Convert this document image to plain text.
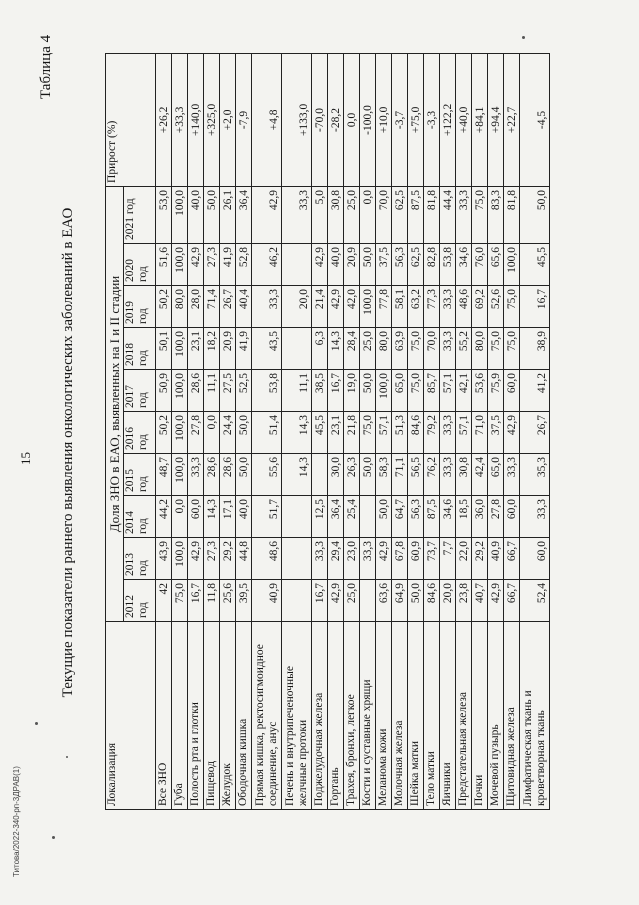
Титова/2022-340-рп-3ДРАВ(1)
15
Таблица 4
Текущие показатели раннего выявления онкологических заболеваний в ЕАО
Локализация	Доля ЗНО в ЕАО, выявленных на I и II стадии										Прирост (%)
	2012 год	2013 год	2014 год	2015 год	2016 год	2017 год	2018 год	2019 год	2020 год	2021 год	
Все ЗНО	42	43,9	44,2	48,7	50,2	50,9	50,1	50,2	51,6	53,0	+26,2
Губа	75,0	100,0	0,0	100,0	100,0	100,0	100,0	80,0	100,0	100,0	+33,3
Полость рта и глотки	16,7	42,9	60,0	33,3	27,8	28,6	23,1	28,0	42,9	40,0	+140,0
Пищевод	11,8	27,3	14,3	28,6	0,0	11,1	18,2	71,4	27,3	50,0	+325,0
Желудок	25,6	29,2	17,1	28,6	24,4	27,5	20,9	26,7	41,9	26,1	+2,0
Ободочная кишка	39,5	44,8	40,0	50,0	50,0	52,5	41,9	40,4	52,8	36,4	-7,9
Прямая кишка, ректосигмоидное соединение, анус	40,9	48,6	51,7	55,6	51,4	53,8	43,5	33,3	46,2	42,9	+4,8
Печень и внутрипеченочные желчные протоки				14,3	14,3	11,1		20,0		33,3	+133,0
Поджелудочная железа	16,7	33,3	12,5		45,5	38,5	6,3	21,4	42,9	5,0	-70,0
Гортань	42,9	29,4	36,4	30,0	23,1	16,7	14,3	42,9	40,0	30,8	-28,2
Трахея, бронхи, легкое	25,0	23,0	25,4	26,3	21,8	19,0	28,4	42,0	20,9	25,0	0,0
Кости и суставные хрящи		33,3		50,0	75,0	50,0	25,0	100,0	50,0	0,0	-100,0
Меланома кожи	63,6	42,9	50,0	58,3	57,1	100,0	80,0	77,8	37,5	70,0	+10,0
Молочная железа	64,9	67,8	64,7	71,1	51,3	65,0	63,9	58,1	56,3	62,5	-3,7
Шейка матки	50,0	60,9	56,3	56,5	84,6	75,0	75,0	63,2	62,5	87,5	+75,0
Тело матки	84,6	73,7	87,5	76,2	79,2	85,7	70,0	77,3	82,8	81,8	-3,3
Яичники	20,0	7,7	34,6	33,3	33,3	57,1	33,3	33,3	53,8	44,4	+122,2
Предстательная железа	23,8	22,0	18,5	30,8	57,1	42,1	55,2	48,6	34,6	33,3	+40,0
Почки	40,7	29,2	36,0	42,4	71,0	53,6	80,0	69,2	76,0	75,0	+84,1
Мочевой пузырь	42,9	40,9	27,8	65,0	37,5	75,9	75,0	52,6	65,6	83,3	+94,4
Щитовидная железа	66,7	66,7	60,0	33,3	42,9	60,0	75,0	75,0	100,0	81,8	+22,7
Лимфатическая ткань и кроветворная ткань	52,4	60,0	33,3	35,3	26,7	41,2	38,9	16,7	45,5	50,0	-4,5
